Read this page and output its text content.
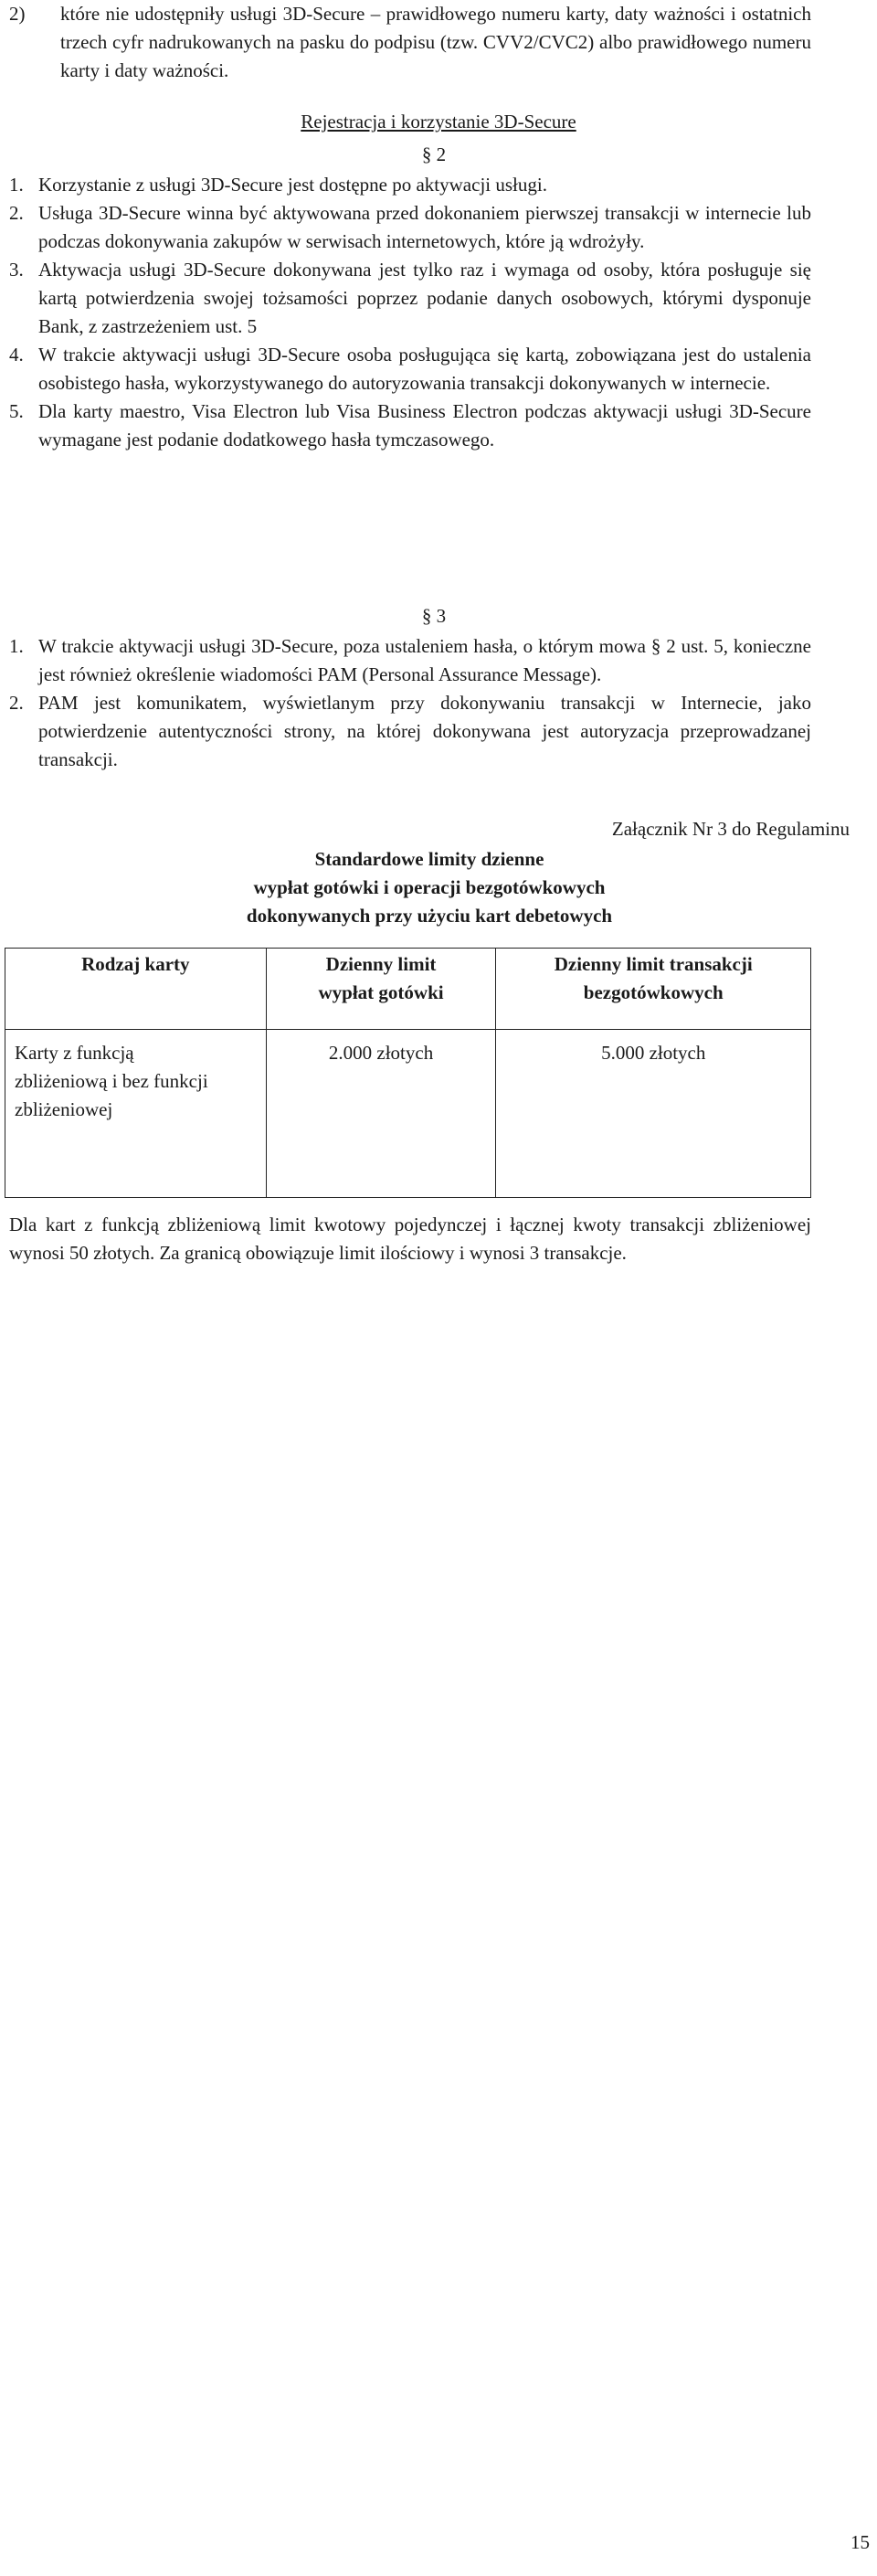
2)	które nie udostępniły usługi 3D-Secure – prawidłowego numeru karty, daty ważności i ostatnich trzech cyfr nadrukowanych na pasku do podpisu (tzw. CVV2/CVC2) albo prawidłowego numeru karty i daty ważności.
Rejestracja i korzystanie 3D-Secure
§ 2
1. Korzystanie z usługi 3D-Secure jest dostępne po aktywacji usługi.
2. Usługa 3D-Secure winna być aktywowana przed dokonaniem pierwszej transakcji w internecie lub podczas dokonywania zakupów w serwisach internetowych, które ją wdrożyły.
3. Aktywacja usługi 3D-Secure dokonywana jest tylko raz i wymaga od osoby, która posługuje się kartą potwierdzenia swojej tożsamości poprzez podanie danych osobowych, którymi dysponuje Bank, z zastrzeżeniem ust. 5
4. W trakcie aktywacji usługi 3D-Secure osoba posługująca się kartą, zobowiązana jest do ustalenia osobistego hasła, wykorzystywanego do autoryzowania transakcji dokonywanych w internecie.
5. Dla karty maestro, Visa Electron lub Visa Business Electron podczas aktywacji usługi 3D-Secure wymagane jest podanie dodatkowego hasła tymczasowego.
§ 3
1. W trakcie aktywacji usługi 3D-Secure, poza ustaleniem hasła, o którym mowa § 2 ust. 5, konieczne jest również określenie wiadomości PAM (Personal Assurance Message).
2. PAM jest komunikatem, wyświetlanym przy dokonywaniu transakcji w Internecie, jako potwierdzenie autentyczności strony, na której dokonywana jest autoryzacja przeprowadzanej transakcji.
Załącznik Nr 3 do Regulaminu

Standardowe limity dzienne

wypłat gotówki i operacji bezgotówkowych

dokonywanych przy użyciu kart debetowych

Rodzaj karty	Dzienny limit wypłat gotówki	Dzienny limit transakcji bezgotówkowych
Karty z funkcją zbliżeniową i bez funkcji zbliżeniowej	2.000 złotych	5.000 złotych
Dla kart z funkcją zbliżeniową limit kwotowy pojedynczej i łącznej kwoty transakcji zbliżeniowej wynosi 50 złotych. Za granicą obowiązuje limit ilościowy i wynosi 3 transakcje.
15
